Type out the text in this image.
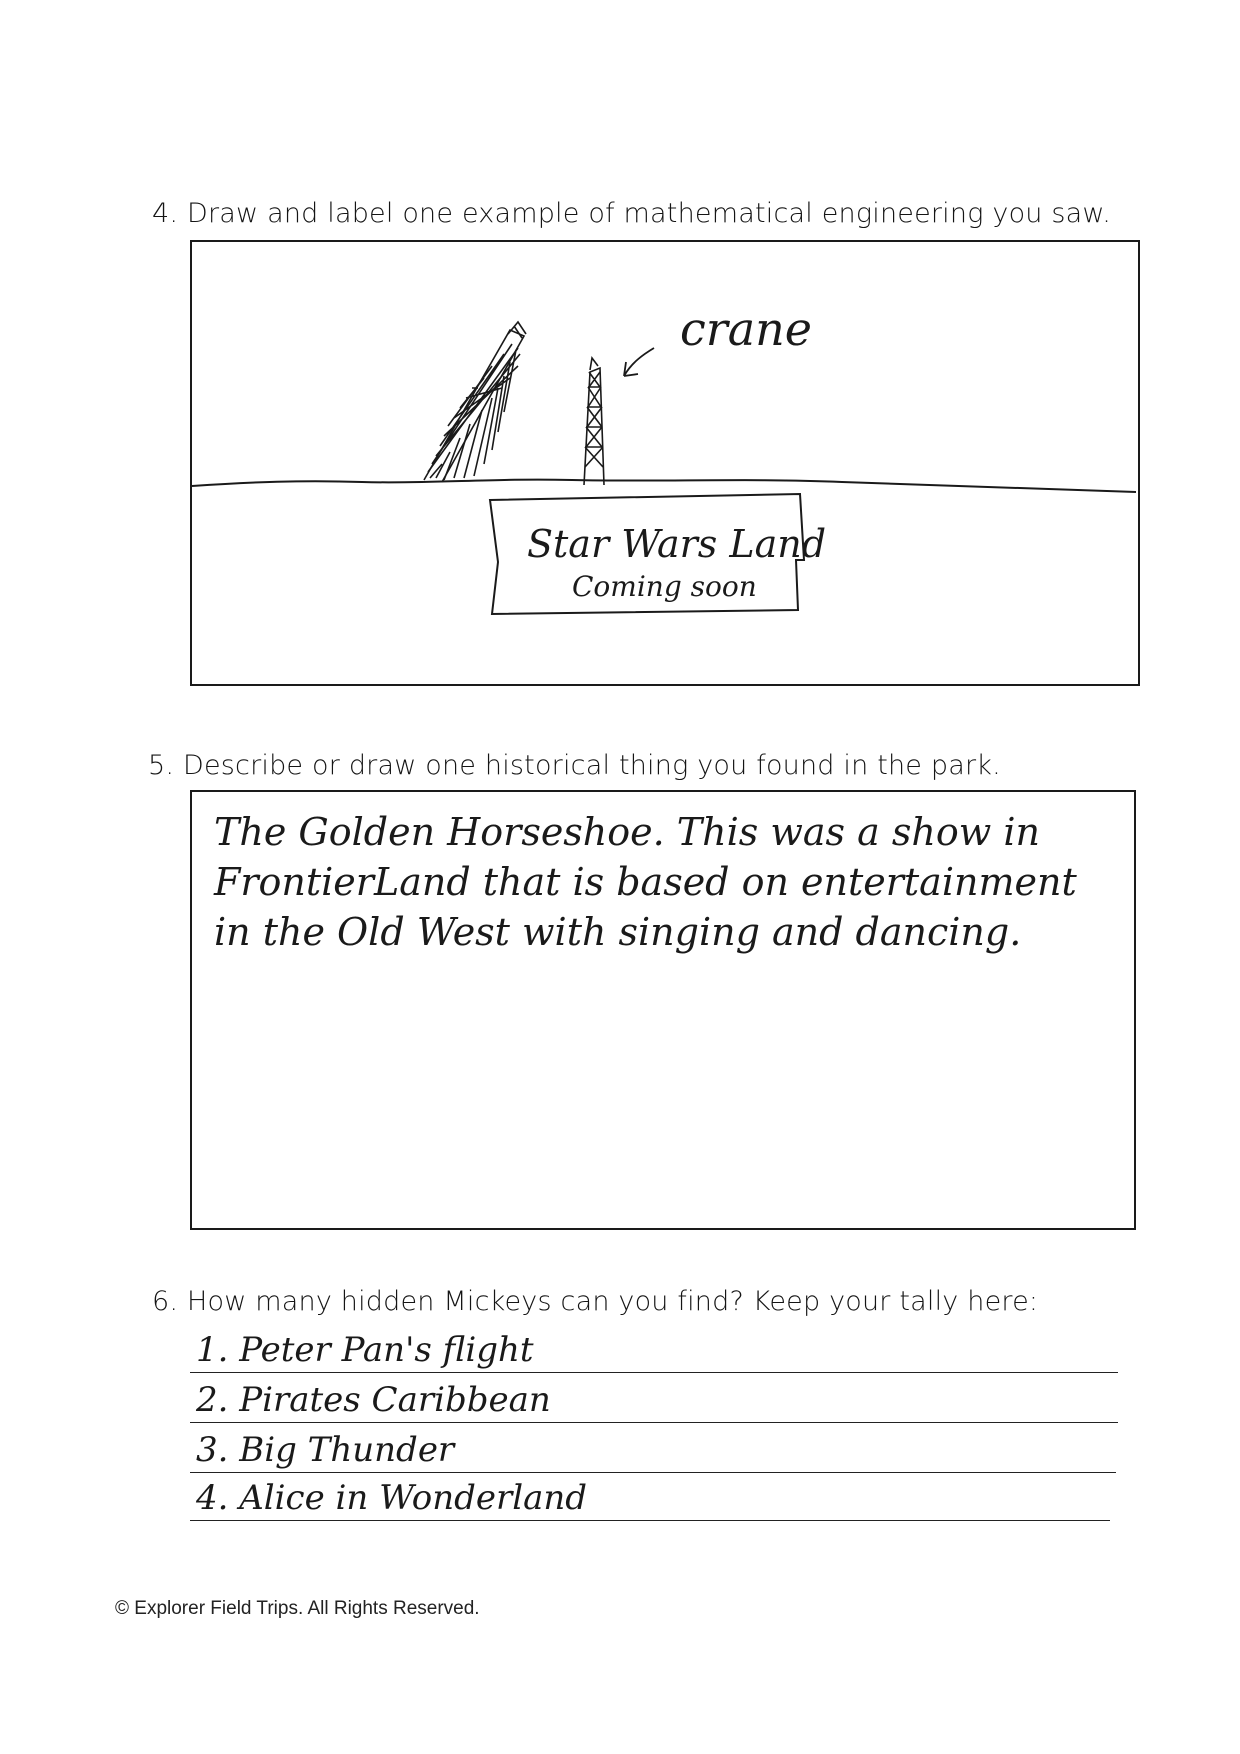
4. Draw and label one example of mathematical engineering you saw.
crane
Star Wars Land
Coming soon
5. Describe or draw one historical thing you found in the park.
The Golden Horseshoe. This was a show in
FrontierLand that is based on entertainment
in the Old West with singing and dancing.
6. How many hidden Mickeys can you find? Keep your tally here:
1. Peter Pan's flight
2. Pirates Caribbean
3. Big Thunder
4. Alice in Wonderland
© Explorer Field Trips. All Rights Reserved.
